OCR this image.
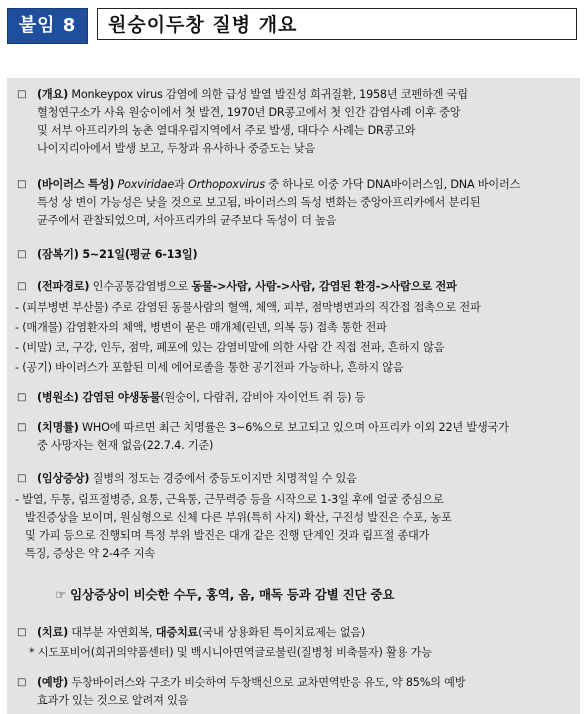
붙임 8	원숭이두창 질병 개요
□ (개요) Monkeypox virus 감염에 의한 급성 발열 발진성 희귀질환, 1958년 코펜하겐 국립
혈청연구소가 사육 원숭이에서 첫 발견, 1970년 DR콩고에서 첫 인간 감염사례 이후 중앙
및 서부 아프리카의 농촌 열대우림지역에서 주로 발생, 대다수 사례는 DR콩고와
나이지리아에서 발생 보고, 두창과 유사하나 중증도는 낮음
□ (바이러스 특성) Poxviridae과 Orthopoxvirus 중 하나로 이중 가닥 DNA바이러스임, DNA 바이러스
특성 상 변이 가능성은 낮을 것으로 보고됨, 바이러스의 독성 변화는 중앙아프리카에서 분리된
균주에서 관찰되었으며, 서아프리카의 균주보다 독성이 더 높음
□ (잠복기) 5~21일(평균 6-13일)
□ (전파경로) 인수공통감염병으로 동물->사람, 사람->사람, 감염된 환경->사람으로 전파
- (피부병변 부산물) 주로 감염된 동물사람의 혈액, 체액, 피부, 점막병변과의 직간접 접촉으로 전파
- (매개물) 감염환자의 체액, 병변이 묻은 매개체(린넨, 의복 등) 접촉 통한 전파
- (비말) 코, 구강, 인두, 점막, 폐포에 있는 감염비말에 의한 사람 간 직접 전파, 흔하지 않음
- (공기) 바이러스가 포함된 미세 에어로졸을 통한 공기전파 가능하나, 흔하지 않음
□ (병원소) 감염된 야생동물(원숭이, 다람쥐, 감비아 자이언트 쥐 등) 등
□ (치명률) WHO에 따르면 최근 치명률은 3~6%으로 보고되고 있으며 아프리카 이외 22년 발생국가
중 사망자는 현재 없음(22.7.4. 기준)
□ (임상증상) 질병의 정도는 경증에서 중등도이지만 치명적일 수 있음
- 발열, 두통, 림프절병증, 요통, 근육통, 근무력증 등을 시작으로 1-3일 후에 얼굴 중심으로
발진증상을 보이며, 원심형으로 신체 다른 부위(특히 사지) 확산, 구진성 발진은 수포, 농포
및 가피 등으로 진행되며 특정 부위 발진은 대개 같은 진행 단계인 것과 림프절 종대가
특징, 증상은 약 2-4주 지속
☞ 임상증상이 비슷한 수두, 홍역, 옴, 매독 등과 감별 진단 중요
□ (치료) 대부분 자연회복, 대증치료(국내 상용화된 특이치료제는 없음)
* 시도포비어(희귀의약품센터) 및 백시니아면역글로불린(질병청 비축물자) 활용 가능
□ (예방) 두창바이러스와 구조가 비슷하여 두창백신으로 교차면역반응 유도, 약 85%의 예방
효과가 있는 것으로 알려져 있음
